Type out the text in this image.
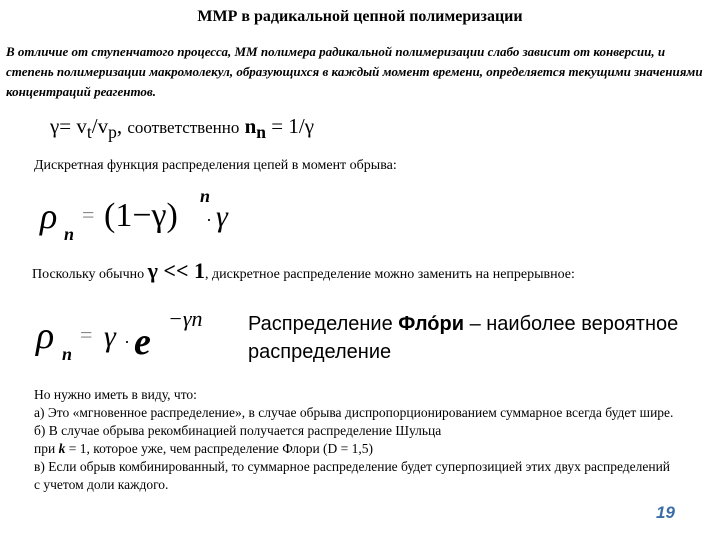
ММР в радикальной цепной полимеризации
В отличие от ступенчатого процесса, ММ полимера радикальной полимеризации слабо зависит от конверсии, и степень полимеризации макромолекул, образующихся в каждый момент времени, определяется текущими значениями концентраций реагентов.
$\gamma= v_t/v_p$, соответственно $n_n = 1/\gamma$
Дискретная функция распределения цепей в момент обрыва:
ρ n
= (1−γ)
n
· γ
Поскольку обычно γ << 1, дискретное распределение можно заменить на непрерывное:
ρ n
= γ · e
−γn Распределение Фло́ри – наиболее вероятное распределение
Но нужно иметь в виду, что:
а) Это «мгновенное распределение», в случае обрыва диспропорционированием суммарное всегда будет шире.
б) В случае обрыва рекомбинацией получается распределение Шульца
при k = 1, которое уже, чем распределение Флори (D = 1,5)
в) Если обрыв комбинированный, то суммарное распределение будет суперпозицией этих двух распределений с учетом доли каждого.
19
